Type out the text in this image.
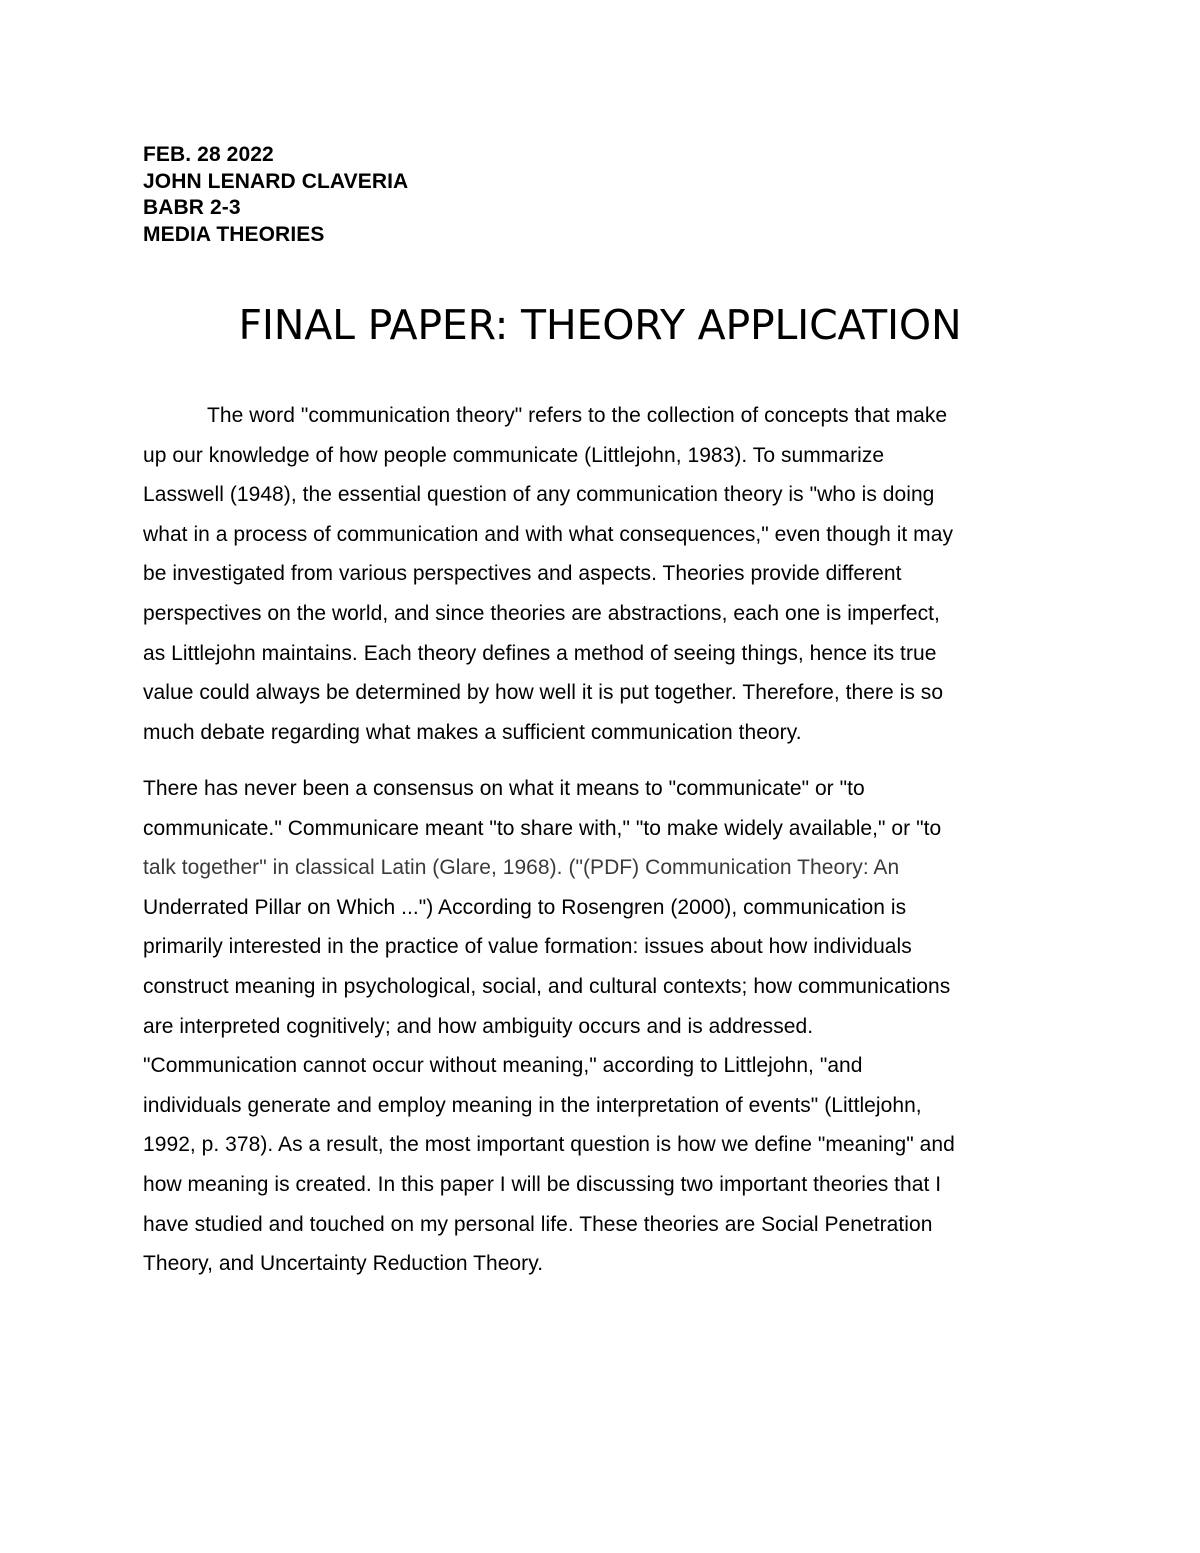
FEB. 28 2022
JOHN LENARD CLAVERIA
BABR 2-3
MEDIA THEORIES
FINAL PAPER: THEORY APPLICATION
The word "communication theory" refers to the collection of concepts that make
up our knowledge of how people communicate (Littlejohn, 1983). To summarize
Lasswell (1948), the essential question of any communication theory is "who is doing
what in a process of communication and with what consequences," even though it may
be investigated from various perspectives and aspects. Theories provide different
perspectives on the world, and since theories are abstractions, each one is imperfect,
as Littlejohn maintains. Each theory defines a method of seeing things, hence its true
value could always be determined by how well it is put together. Therefore, there is so
much debate regarding what makes a sufficient communication theory.
There has never been a consensus on what it means to "communicate" or "to
communicate." Communicare meant "to share with," "to make widely available," or "to
talk together" in classical Latin (Glare, 1968). ("(PDF) Communication Theory: An
Underrated Pillar on Which ...") According to Rosengren (2000), communication is
primarily interested in the practice of value formation: issues about how individuals
construct meaning in psychological, social, and cultural contexts; how communications
are interpreted cognitively; and how ambiguity occurs and is addressed.
"Communication cannot occur without meaning," according to Littlejohn, "and
individuals generate and employ meaning in the interpretation of events" (Littlejohn,
1992, p. 378). As a result, the most important question is how we define "meaning" and
how meaning is created. In this paper I will be discussing two important theories that I
have studied and touched on my personal life. These theories are Social Penetration
Theory, and Uncertainty Reduction Theory.
